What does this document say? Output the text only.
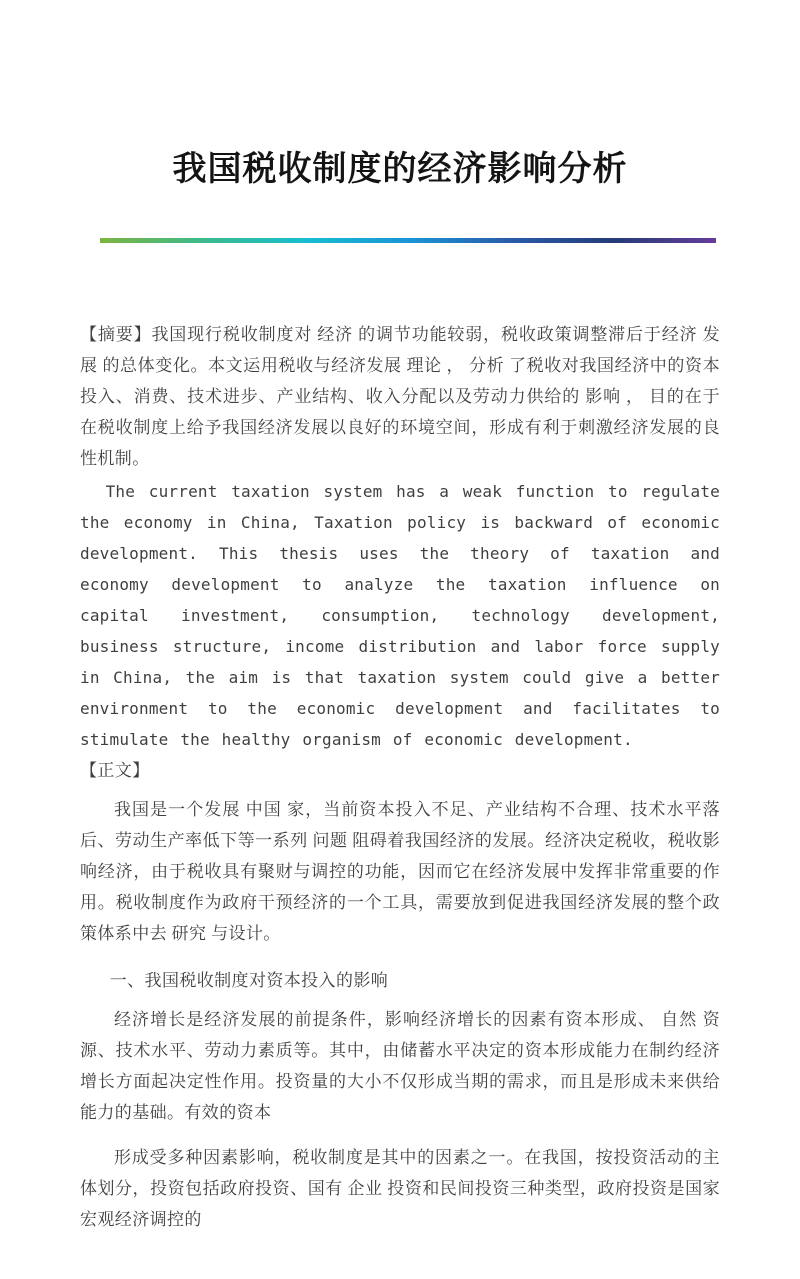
我国税收制度的经济影响分析

【摘要】我国现行税收制度对 经济 的调节功能较弱，税收政策调整滞后于经济 发展 的总体变化。本文运用税收与经济发展 理论 ， 分析 了税收对我国经济中的资本投入、消费、技术进步、产业结构、收入分配以及劳动力供给的 影响 ， 目的在于在税收制度上给予我国经济发展以良好的环境空间，形成有利于刺激经济发展的良性机制。

The current taxation system has a weak function to regulate the economy in China, Taxation policy is backward of economic development. This thesis uses the theory of taxation and economy development to analyze the taxation influence on capital investment, consumption, technology development, business structure, income distribution and labor force supply in China, the aim is that taxation system could give a better environment to the economic development and facilitates to stimulate the healthy organism of economic development.

【正文】

我国是一个发展 中国 家，当前资本投入不足、产业结构不合理、技术水平落后、劳动生产率低下等一系列 问题 阻碍着我国经济的发展。经济决定税收，税收影响经济，由于税收具有聚财与调控的功能，因而它在经济发展中发挥非常重要的作用。税收制度作为政府干预经济的一个工具，需要放到促进我国经济发展的整个政策体系中去 研究 与设计。

一、我国税收制度对资本投入的影响

经济增长是经济发展的前提条件，影响经济增长的因素有资本形成、 自然 资源、技术水平、劳动力素质等。其中，由储蓄水平决定的资本形成能力在制约经济增长方面起决定性作用。投资量的大小不仅形成当期的需求，而且是形成未来供给能力的基础。有效的资本

形成受多种因素影响，税收制度是其中的因素之一。在我国，按投资活动的主体划分，投资包括政府投资、国有 企业 投资和民间投资三种类型，政府投资是国家宏观经济调控的
